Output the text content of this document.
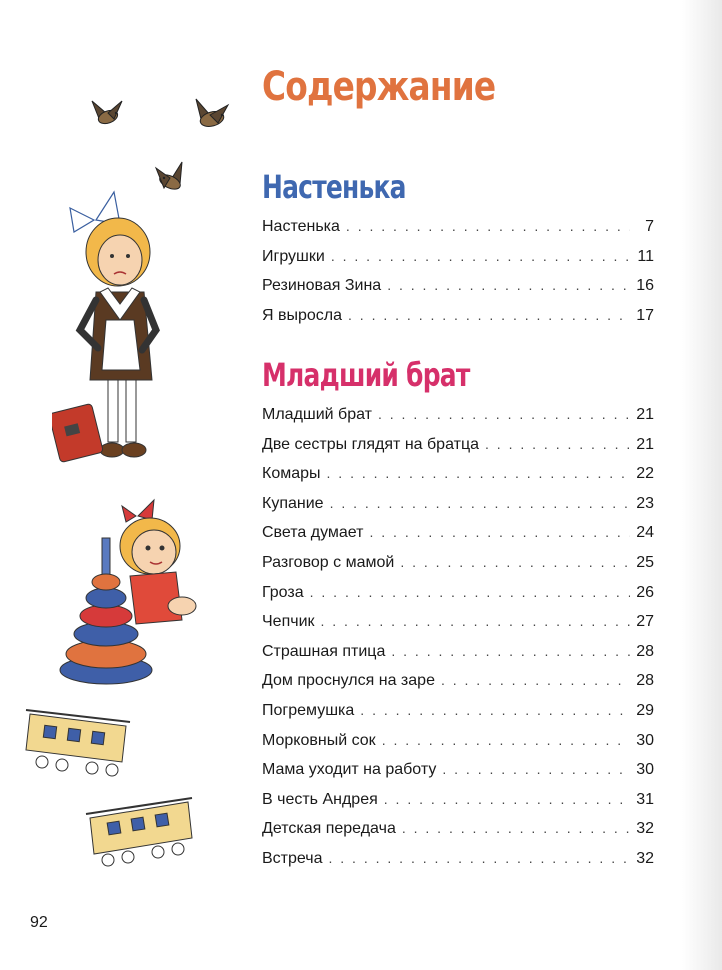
Содержание
Настенька
Настенька . . .	7
Игрушки . . .	11
Резиновая Зина . . .	16
Я выросла . . .	17
Младший брат
Младший брат . . .	21
Две сестры глядят на братца . . .	21
Комары . . .	22
Купание . . .	23
Света думает . . .	24
Разговор с мамой . . .	25
Гроза . . .	26
Чепчик . . .	27
Страшная птица . . .	28
Дом проснулся на заре . . .	28
Погремушка . . .	29
Морковный сок . . .	30
Мама уходит на работу . . .	30
В честь Андрея . . .	31
Детская передача . . .	32
Встреча . . .	32
92
